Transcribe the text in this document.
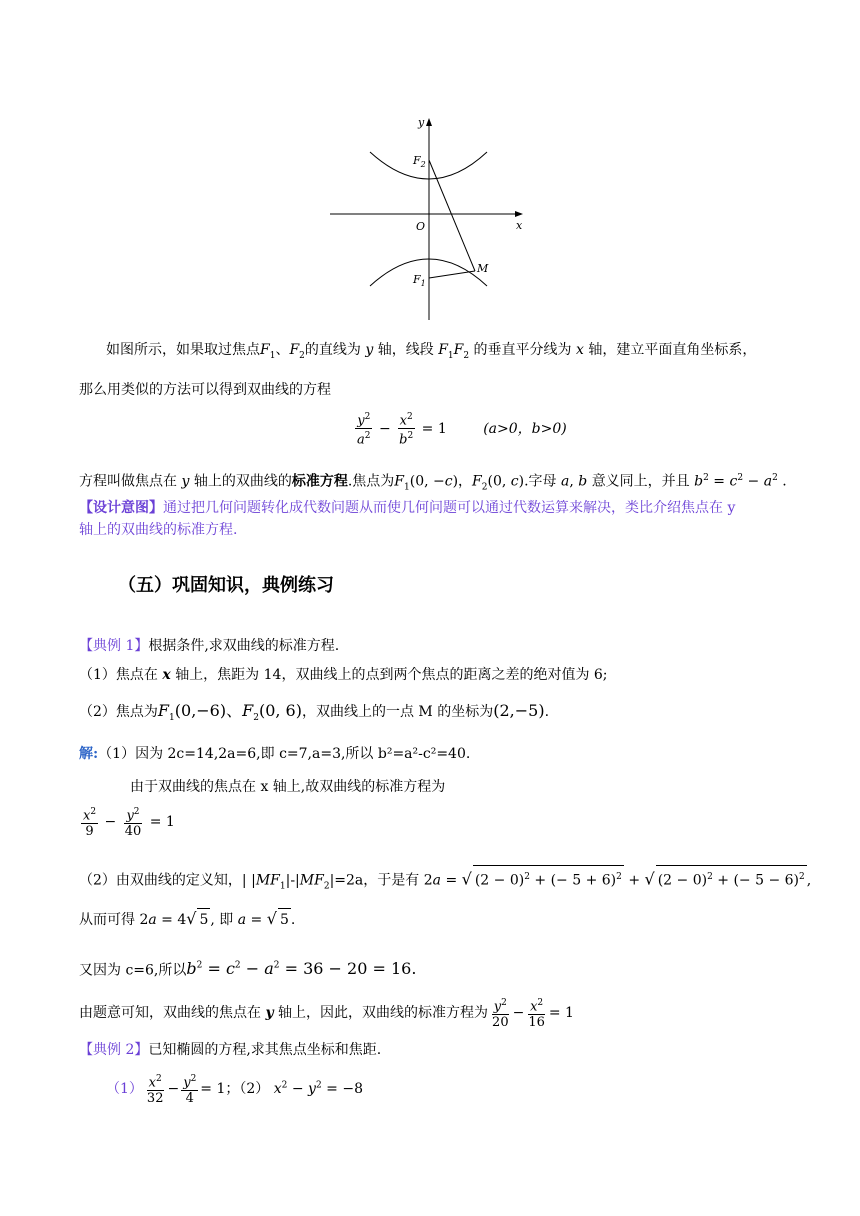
y
x
O
$F_2$
$F_1$
M
如图所示，如果取过焦点$F_1$、$F_2$的直线为 y 轴，线段 $F_1F_2$ 的垂直平分线为 x 轴，建立平面直角坐标系，
那么用类似的方法可以得到双曲线的方程
$\frac{y^2}{a^2} - \frac{x^2}{b^2} = 1$ (a>0，b>0)
方程叫做焦点在 y 轴上的双曲线的标准方程.焦点为$F_1(0$, −c)，$F_2(0$, c).字母 a, b 意义同上，并且 $b^2 = c^2 - a^2$ .
【设计意图】通过把几何问题转化成代数问题从而使几何问题可以通过代数运算来解决，类比介绍焦点在 y
轴上的双曲线的标准方程.
（五）巩固知识，典例练习
【典例 1】根据条件,求双曲线的标准方程.
（1）焦点在 x 轴上，焦距为 14，双曲线上的点到两个焦点的距离之差的绝对值为 6;
（2）焦点为$F_1(0,-6)$、$F_2(0$, 6)，双曲线上的一点 M 的坐标为(2,−5).
解:（1）因为 2c=14,2a=6,即 c=7,a=3,所以 b²=a²-c²=40.
由于双曲线的焦点在 x 轴上,故双曲线的标准方程为
$\frac{x^2}{9} - \frac{y^2}{40} = 1$
（2）由双曲线的定义知，| $|MF_1|-|MF_2|=2a$，于是有 2a = √ $(2 - 0)^2$ + (− 5 + 6)$^2$ + √ $(2 - 0)^2$ + (− 5 − 6)$^2$ ,
从而可得 2a = 4√ 5 , 即 a = √ 5 .
又因为 c=6,所以$b^2 = c^2 - a^2 = 36 - 20 = 16$.
由题意可知，双曲线的焦点在 y 轴上，因此，双曲线的标准方程为 $\frac{y^2}{20} - \frac{x^2}{16} = 1$
【典例 2】已知椭圆的方程,求其焦点坐标和焦距.
$(1) \frac{x^2}{32} - \frac{y^2}{4} = 1$；（2） $x^2 - y^2 = -8$
